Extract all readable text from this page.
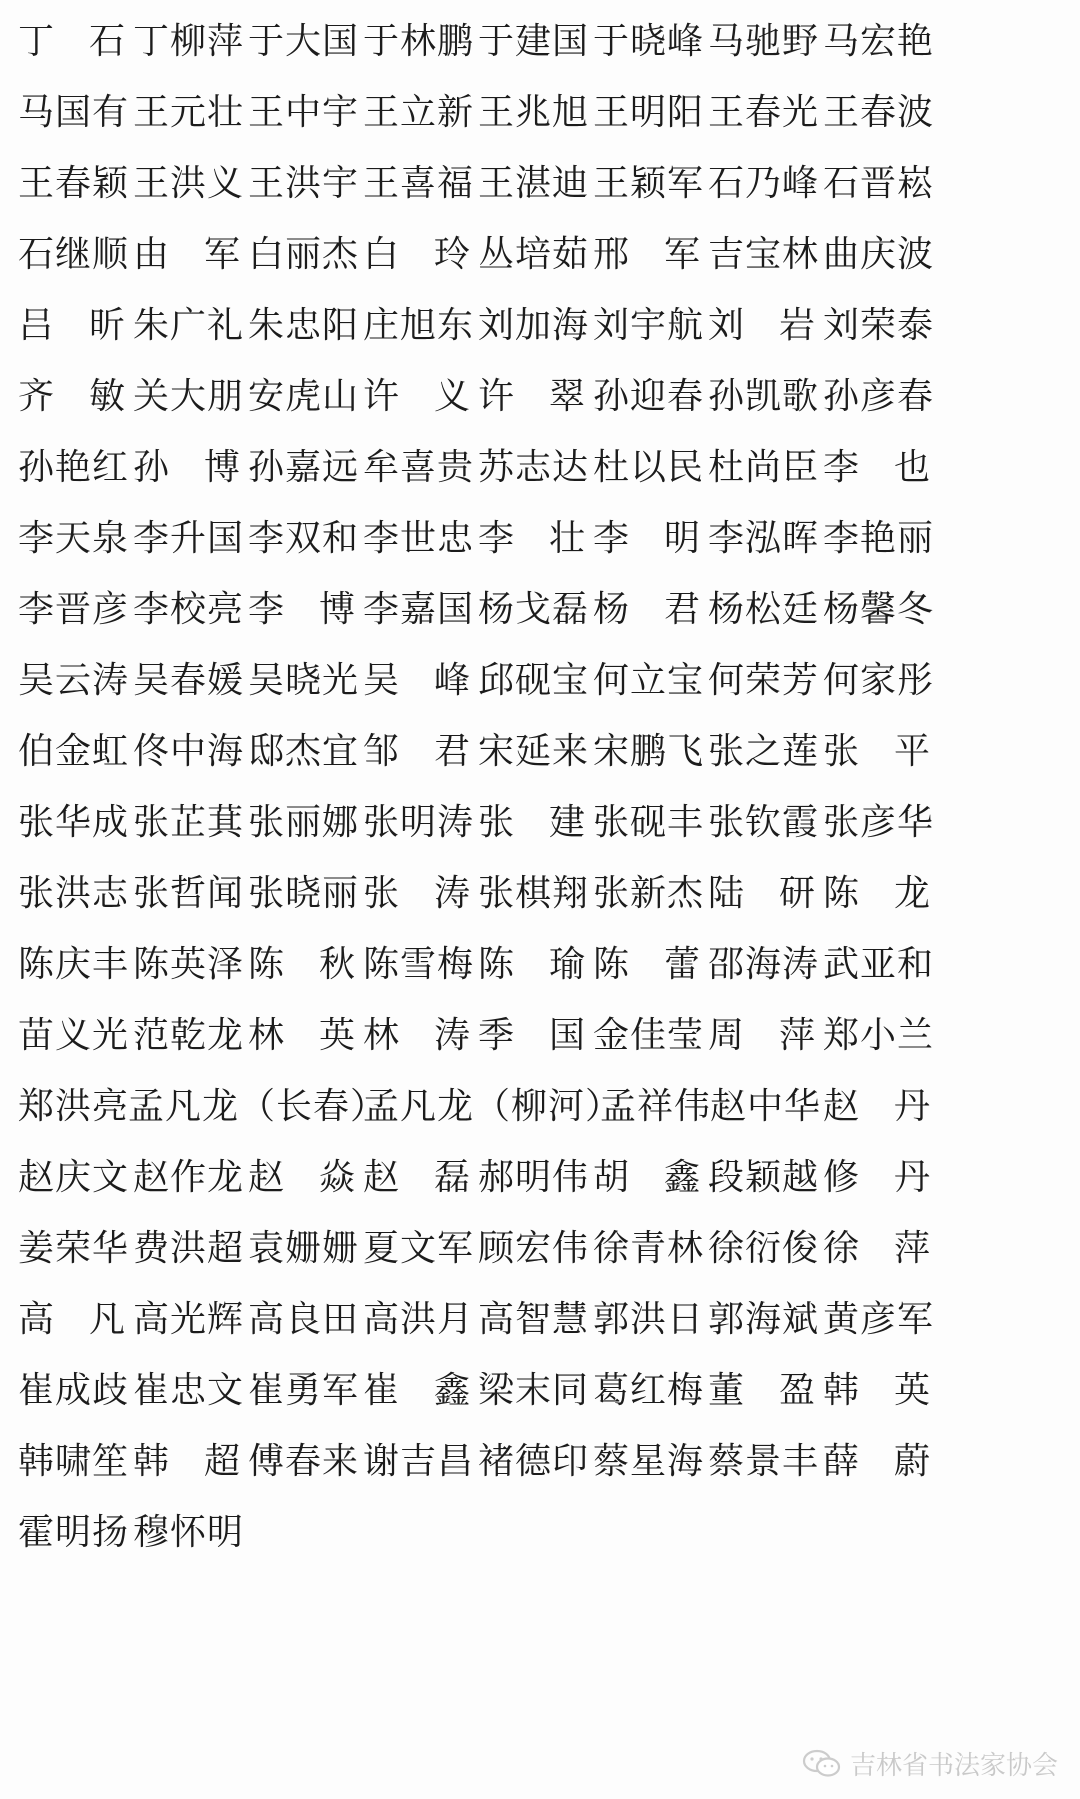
丁 石 丁柳萍 于大国 于林鹏 于建国 于晓峰 马驰野 马宏艳
马国有 王元壮 王中宇 王立新 王兆旭 王明阳 王春光 王春波
王春颖 王洪义 王洪宇 王喜福 王湛迪 王颖军 石乃峰 石晋崧
石继顺 由 军 白丽杰 白 玲 丛培茹 邢 军 吉宝林 曲庆波
吕 昕 朱广礼 朱忠阳 庄旭东 刘加海 刘宇航 刘 岩 刘荣泰
齐 敏 关大朋 安虎山 许 义 许 翠 孙迎春 孙凯歌 孙彦春
孙艳红 孙 博 孙嘉远 牟喜贵 苏志达 杜以民 杜尚臣 李 也
李天泉 李升国 李双和 李世忠 李 壮 李 明 李泓晖 李艳丽
李晋彦 李校亮 李 博 李嘉国 杨戈磊 杨 君 杨松廷 杨馨冬
吴云涛 吴春媛 吴晓光 吴 峰 邱砚宝 何立宝 何荣芳 何家彤
伯金虹 佟中海 邸杰宜 邹 君 宋延来 宋鹏飞 张之莲 张 平
张华成 张芷萁 张丽娜 张明涛 张 建 张砚丰 张钦霞 张彦华
张洪志 张哲闻 张晓丽 张 涛 张棋翔 张新杰 陆 研 陈 龙
陈庆丰 陈英泽 陈 秋 陈雪梅 陈 瑜 陈 蕾 邵海涛 武亚和
苗义光 范乾龙 林 英 林 涛 季 国 金佳莹 周 萍 郑小兰
郑洪亮
孟凡龙（长春）
孟凡龙（柳河）
孟祥伟
赵中华 赵 丹
赵庆文 赵作龙 赵 焱 赵 磊 郝明伟 胡 鑫 段颖越 修 丹
姜荣华 费洪超 袁姗姗 夏文军 顾宏伟 徐青林 徐衍俊 徐 萍
高 凡 高光辉 高良田 高洪月 高智慧 郭洪日 郭海斌 黄彦军
崔成歧 崔忠文 崔勇军 崔 鑫 梁末同 葛红梅 董 盈 韩 英
韩啸笙 韩 超 傅春来 谢吉昌 褚德印 蔡星海 蔡景丰 薛 蔚
霍明扬 穆怀明
吉林省书法家协会
